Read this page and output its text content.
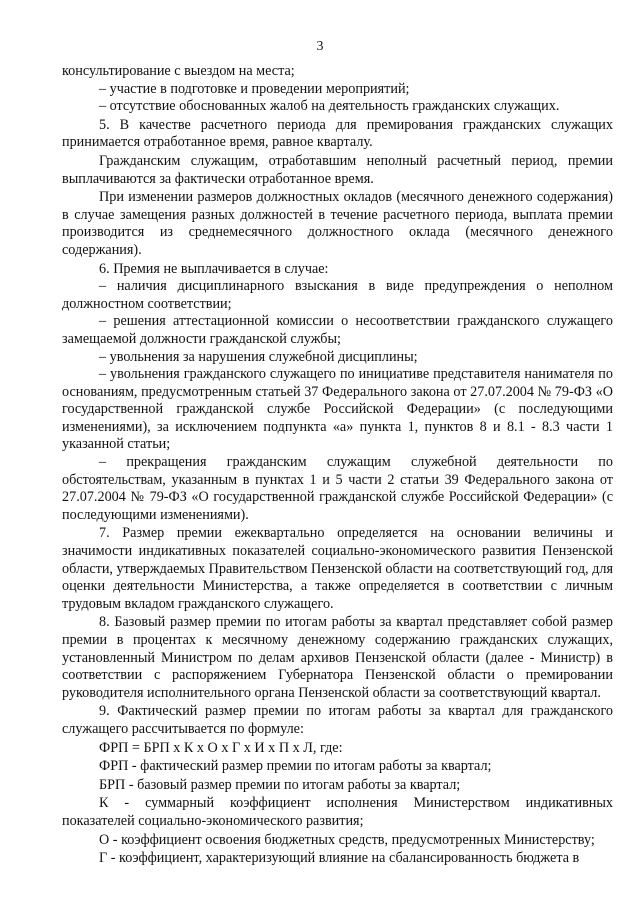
3

консультирование с выездом на места;

– участие в подготовке и проведении мероприятий;

– отсутствие обоснованных жалоб на деятельность гражданских служащих.

5. В качестве расчетного периода для премирования гражданских служащих принимается отработанное время, равное кварталу.

Гражданским служащим, отработавшим неполный расчетный период, премии выплачиваются за фактически отработанное время.

При изменении размеров должностных окладов (месячного денежного содержания) в случае замещения разных должностей в течение расчетного периода, выплата премии производится из среднемесячного должностного оклада (месячного денежного содержания).

6. Премия не выплачивается в случае:

– наличия дисциплинарного взыскания в виде предупреждения о неполном должностном соответствии;

– решения аттестационной комиссии о несоответствии гражданского служащего замещаемой должности гражданской службы;

– увольнения за нарушения служебной дисциплины;

– увольнения гражданского служащего по инициативе представителя нанимателя по основаниям, предусмотренным статьей 37 Федерального закона от 27.07.2004 № 79-ФЗ «О государственной гражданской службе Российской Федерации» (с последующими изменениями), за исключением подпункта «а» пункта 1, пунктов 8 и 8.1 - 8.3 части 1 указанной статьи;

– прекращения гражданским служащим служебной деятельности по обстоятельствам, указанным в пунктах 1 и 5 части 2 статьи 39 Федерального закона от 27.07.2004 № 79-ФЗ «О государственной гражданской службе Российской Федерации» (с последующими изменениями).

7. Размер премии ежеквартально определяется на основании величины и значимости индикативных показателей социально-экономического развития Пензенской области, утверждаемых Правительством Пензенской области на соответствующий год, для оценки деятельности Министерства, а также определяется в соответствии с личным трудовым вкладом гражданского служащего.

8. Базовый размер премии по итогам работы за квартал представляет собой размер премии в процентах к месячному денежному содержанию гражданских служащих, установленный Министром по делам архивов Пензенской области (далее - Министр) в соответствии с распоряжением Губернатора Пензенской области о премировании руководителя исполнительного органа Пензенской области за соответствующий квартал.

9. Фактический размер премии по итогам работы за квартал для гражданского служащего рассчитывается по формуле:

ФРП = БРП х К х О х Г х И х П х Л, где:

ФРП - фактический размер премии по итогам работы за квартал;

БРП - базовый размер премии по итогам работы за квартал;

К - суммарный коэффициент исполнения Министерством индикативных показателей социально-экономического развития;

О - коэффициент освоения бюджетных средств, предусмотренных Министерству;

Г - коэффициент, характеризующий влияние на сбалансированность бюджета в
